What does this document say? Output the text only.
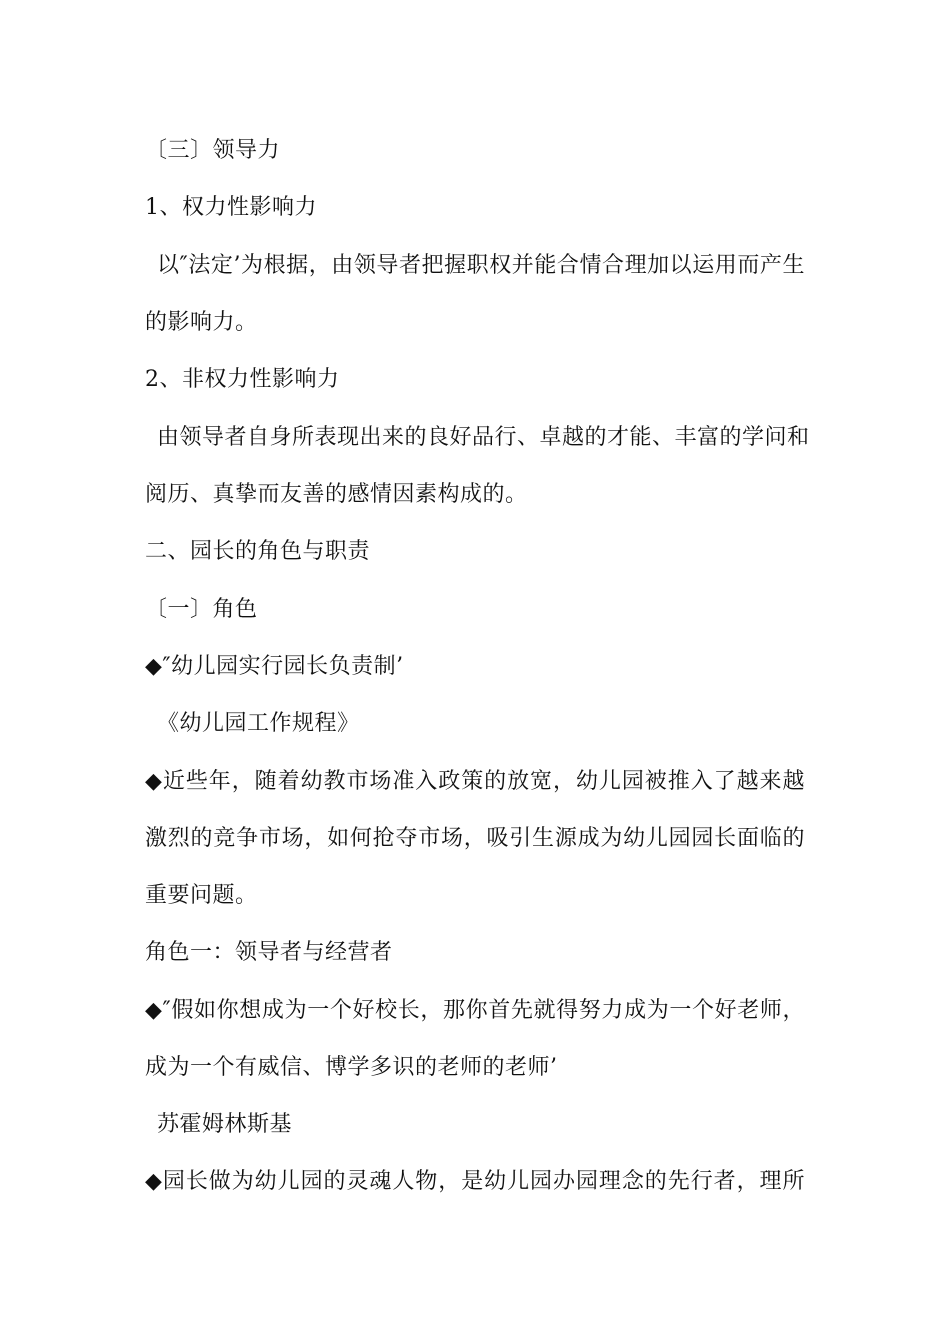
〔三〕领导力
1、权力性影响力
以″法定’为根据，由领导者把握职权并能合情合理加以运用而产生
的影响力。
2、非权力性影响力
由领导者自身所表现出来的良好品行、卓越的才能、丰富的学问和
阅历、真挚而友善的感情因素构成的。
二、园长的角色与职责
〔一〕角色
◆″幼儿园实行园长负责制’
《幼儿园工作规程》
◆近些年，随着幼教市场准入政策的放宽，幼儿园被推入了越来越
激烈的竞争市场，如何抢夺市场，吸引生源成为幼儿园园长面临的
重要问题。
角色一：领导者与经营者
◆″假如你想成为一个好校长，那你首先就得努力成为一个好老师，
成为一个有威信、博学多识的老师的老师’
苏霍姆林斯基
◆园长做为幼儿园的灵魂人物，是幼儿园办园理念的先行者，理所
